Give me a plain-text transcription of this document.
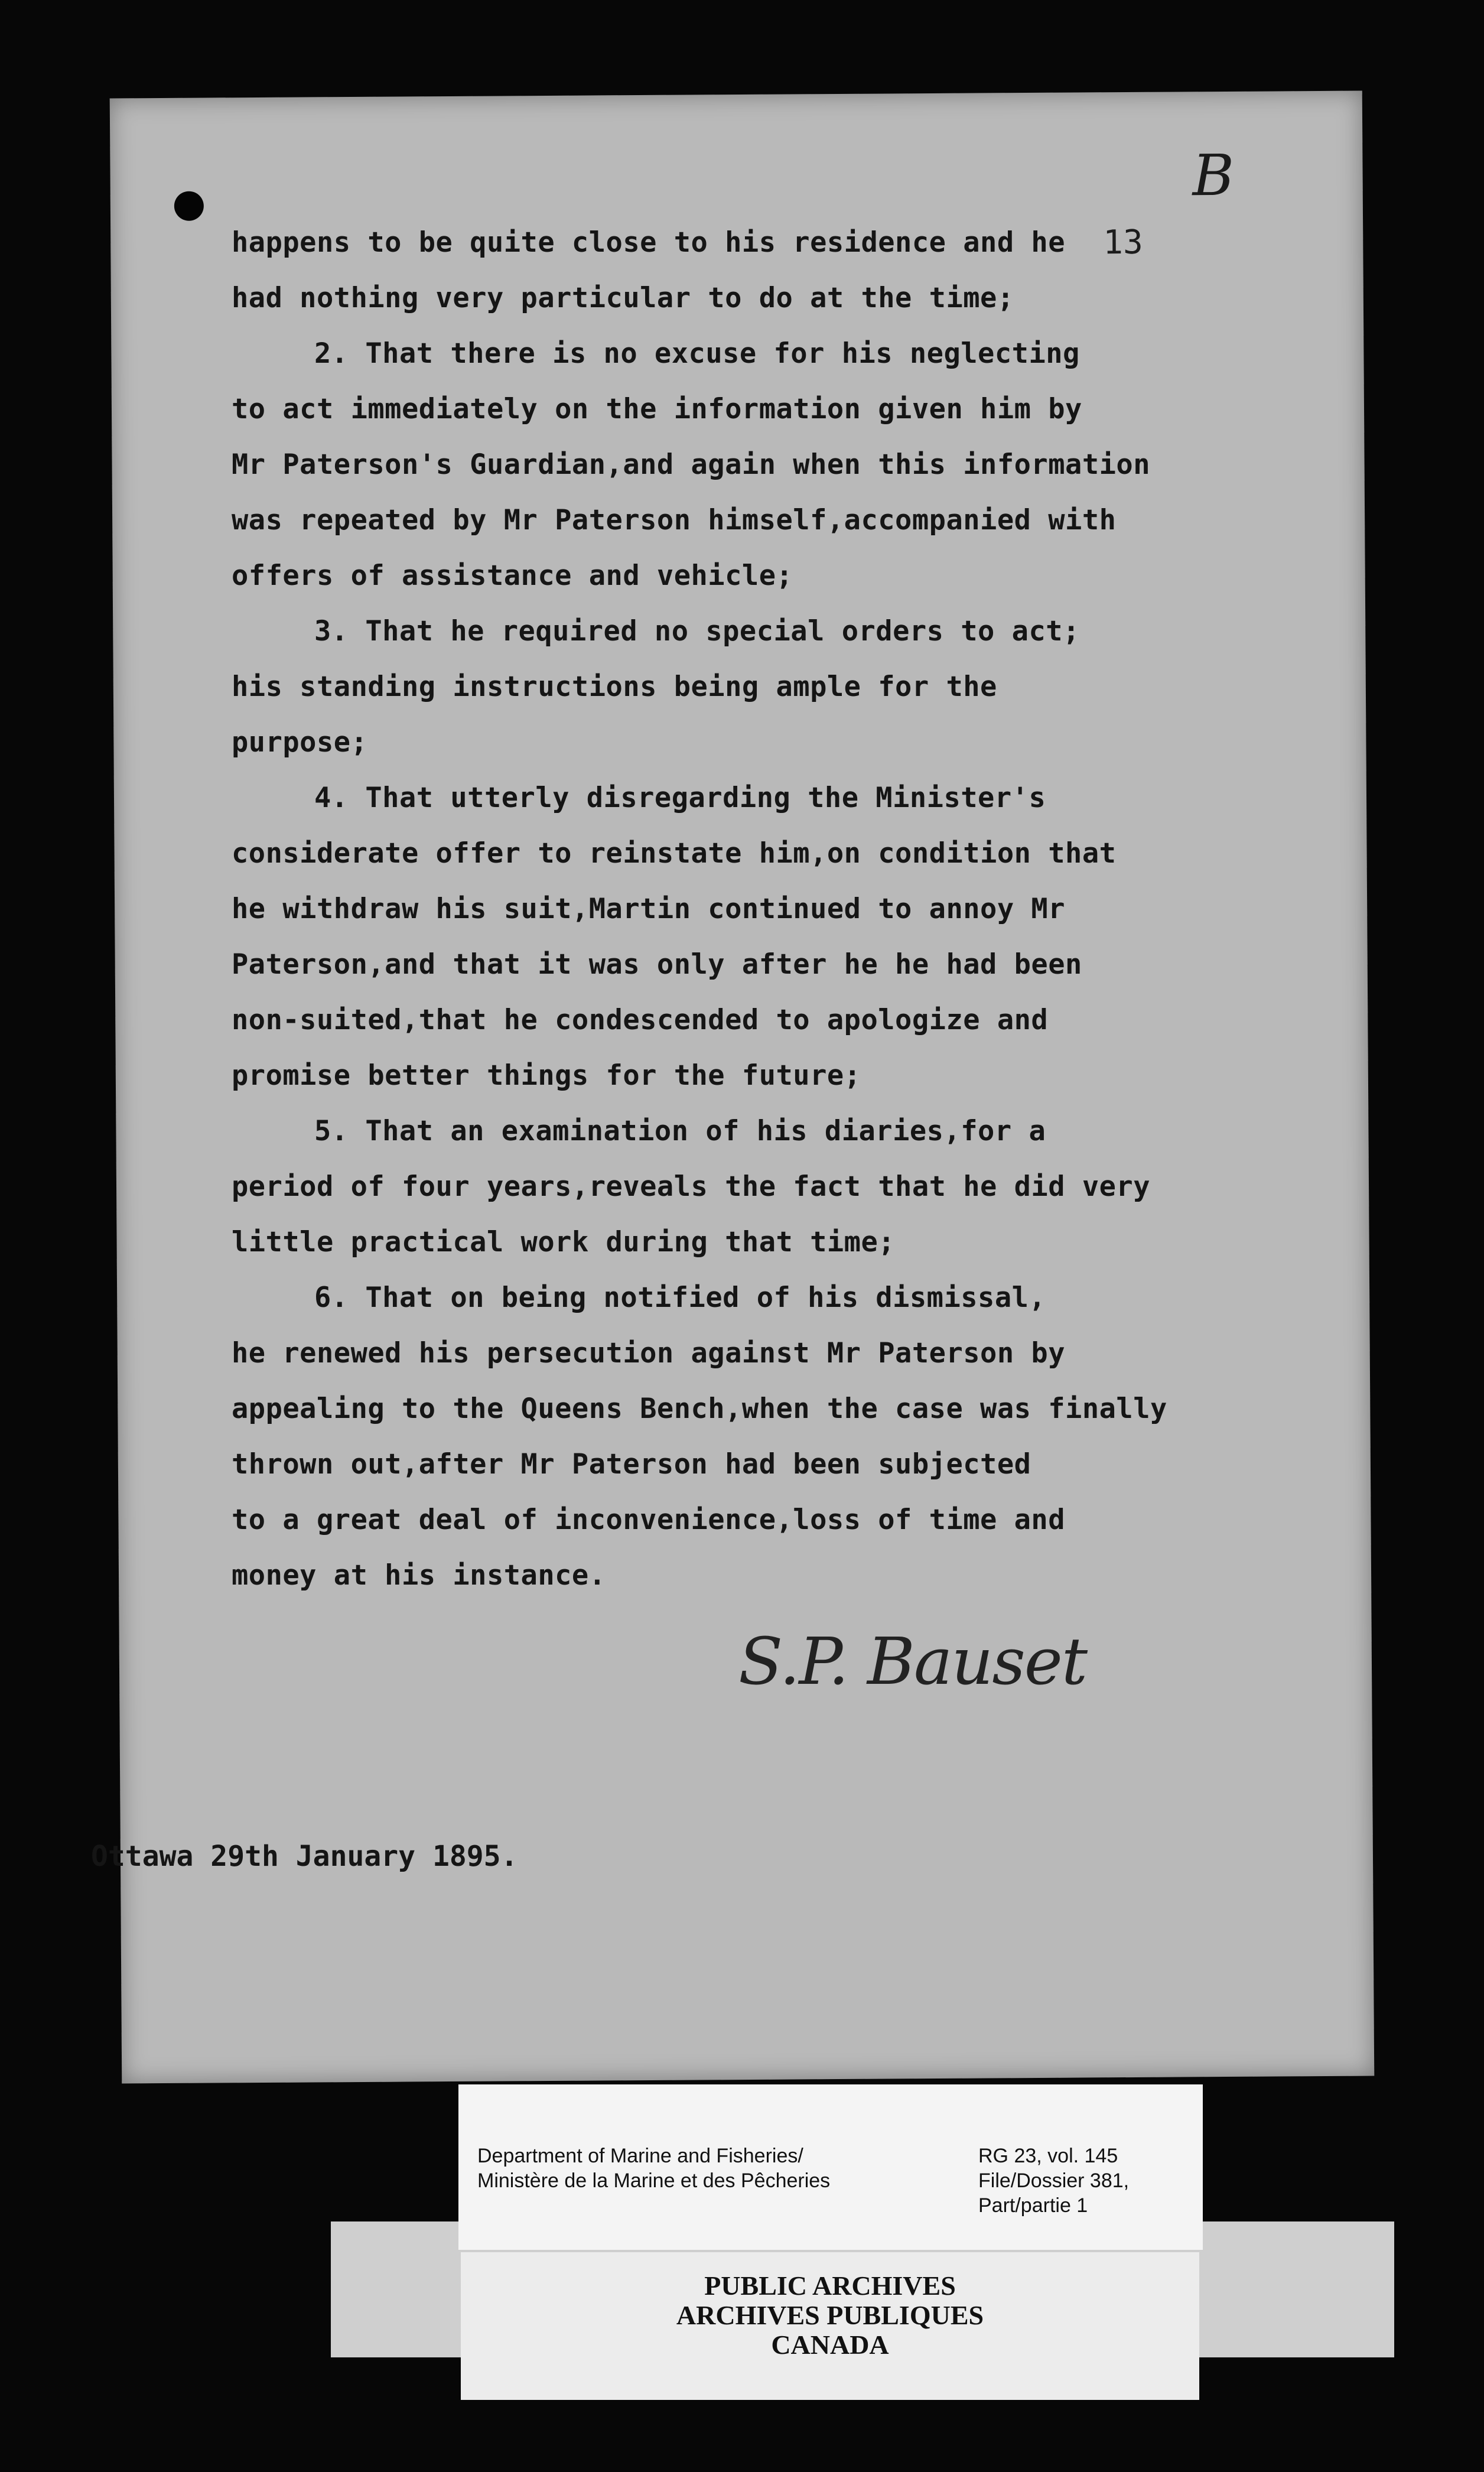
B
13

happens to be quite close to his residence and he

had nothing very particular to do at the time;

2. That there is no excuse for his neglecting

to act immediately on the information given him by

Mr Paterson's Guardian,and again when this information

was repeated by Mr Paterson himself,accompanied with

offers of assistance and vehicle;

3. That he required no special orders to act;

his standing instructions being ample for the

purpose;

4. That utterly disregarding the Minister's

considerate offer to reinstate him,on condition that

he withdraw his suit,Martin continued to annoy Mr

Paterson,and that it was only after he he had been

non-suited,that he condescended to apologize and

promise better things for the future;

5. That an examination of his diaries,for a

period of four years,reveals the fact that he did very

little practical work during that time;

6. That on being notified of his dismissal,

he renewed his persecution against Mr Paterson by

appealing to the Queens Bench,when the case was finally

thrown out,after Mr Paterson had been subjected

to a great deal of inconvenience,loss of time and

money at his instance.

S.P. Bauset
Ottawa 29th January 1895.
Department of Marine and Fisheries/
Ministère de la Marine et des Pêcheries
RG 23, vol. 145
File/Dossier 381,
Part/partie 1
PUBLIC ARCHIVES
ARCHIVES PUBLIQUES
CANADA
